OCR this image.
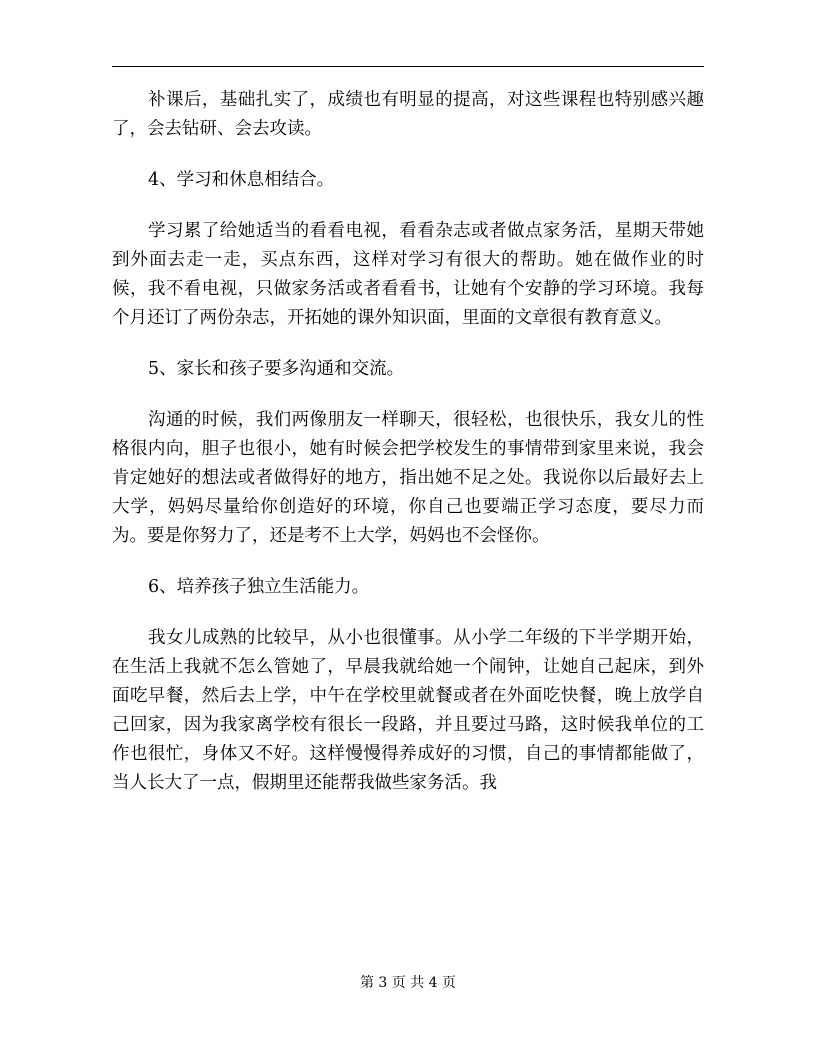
补课后，基础扎实了，成绩也有明显的提高，对这些课程也特别感兴趣了，会去钻研、会去攻读。

4、学习和休息相结合。

学习累了给她适当的看看电视，看看杂志或者做点家务活，星期天带她到外面去走一走，买点东西，这样对学习有很大的帮助。她在做作业的时候，我不看电视，只做家务活或者看看书，让她有个安静的学习环境。我每个月还订了两份杂志，开拓她的课外知识面，里面的文章很有教育意义。

5、家长和孩子要多沟通和交流。

沟通的时候，我们两像朋友一样聊天，很轻松，也很快乐，我女儿的性格很内向，胆子也很小，她有时候会把学校发生的事情带到家里来说，我会肯定她好的想法或者做得好的地方，指出她不足之处。我说你以后最好去上大学，妈妈尽量给你创造好的环境，你自己也要端正学习态度，要尽力而为。要是你努力了，还是考不上大学，妈妈也不会怪你。

6、培养孩子独立生活能力。

我女儿成熟的比较早，从小也很懂事。从小学二年级的下半学期开始，在生活上我就不怎么管她了，早晨我就给她一个闹钟，让她自己起床，到外面吃早餐，然后去上学，中午在学校里就餐或者在外面吃快餐，晚上放学自己回家，因为我家离学校有很长一段路，并且要过马路，这时候我单位的工作也很忙，身体又不好。这样慢慢得养成好的习惯，自己的事情都能做了，当人长大了一点，假期里还能帮我做些家务活。我

第 3 页 共 4 页
